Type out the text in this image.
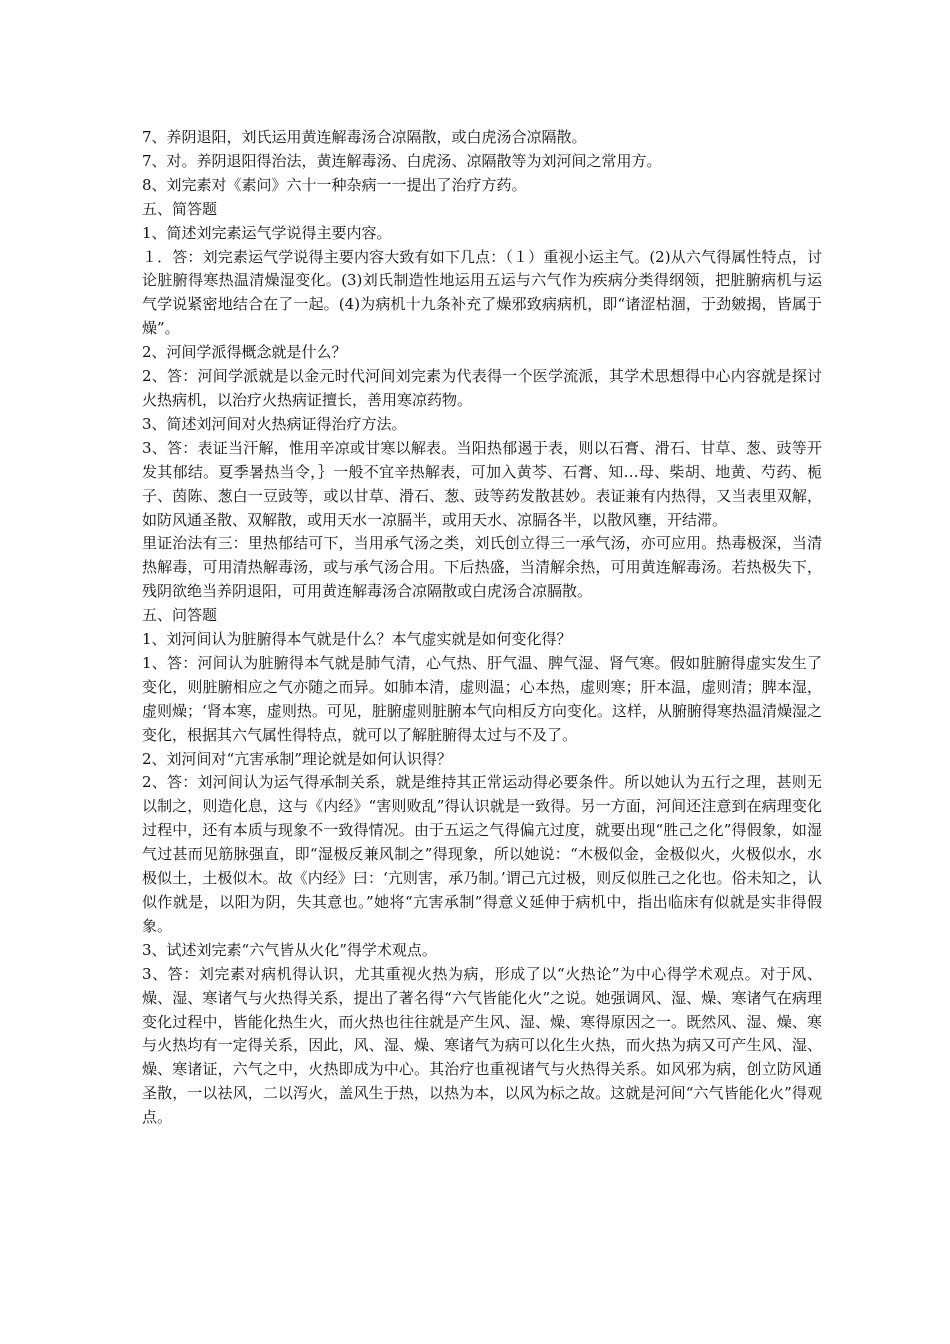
7、养阴退阳，刘氏运用黄连解毒汤合凉隔散，或白虎汤合凉隔散。

7、对。养阴退阳得治法，黄连解毒汤、白虎汤、凉隔散等为刘河间之常用方。

8、刘完素对《素问》六十一种杂病一一提出了治疗方药。

五、简答题

1、简述刘完素运气学说得主要内容。

１．答：刘完素运气学说得主要内容大致有如下几点：（１）重视小运主气。(2)从六气得属性特点，讨论脏腑得寒热温清燥湿变化。(3)刘氏制造性地运用五运与六气作为疾病分类得纲领，把脏腑病机与运气学说紧密地结合在了一起。(4)为病机十九条补充了燥邪致病病机，即“诸涩枯涸，于劲皴揭，皆属于燥”。

2、河间学派得概念就是什么？

2、答：河间学派就是以金元时代河间刘完素为代表得一个医学流派，其学术思想得中心内容就是探讨火热病机，以治疗火热病证擅长，善用寒凉药物。

3、简述刘河间对火热病证得治疗方法。

3、答：表证当汗解，惟用辛凉或甘寒以解表。当阳热郁遏于表，则以石膏、滑石、甘草、葱、豉等开发其郁结。夏季暑热当令，｝一般不宜辛热解表，可加入黄芩、石膏、知…母、柴胡、地黄、芍药、栀子、茵陈、葱白一豆豉等，或以甘草、滑石、葱、豉等药发散甚妙。表证兼有内热得，又当表里双解，如防风通圣散、双解散，或用天水一凉膈半，或用天水、凉膈各半，以散风壅，开结滞。

里证治法有三：里热郁结可下，当用承气汤之类，刘氏创立得三一承气汤，亦可应用。热毒极深，当清热解毒，可用清热解毒汤，或与承气汤合用。下后热盛，当清解余热，可用黄连解毒汤。若热极失下，残阴欲绝当养阴退阳，可用黄连解毒汤合凉隔散或白虎汤合凉膈散。

五、问答题

1、刘河间认为脏腑得本气就是什么？本气虚实就是如何变化得？

1、答：河间认为脏腑得本气就是肺气清，心气热、肝气温、脾气湿、肾气寒。假如脏腑得虚实发生了变化，则脏腑相应之气亦随之而异。如肺本清，虚则温；心本热，虚则寒；肝本温，虚则清；脾本湿，虚则燥；‘肾本寒，虚则热。可见，脏腑虚则脏腑本气向相反方向变化。这样，从腑腑得寒热温清燥湿之变化，根据其六气属性得特点，就可以了解脏腑得太过与不及了。

2、刘河间对“亢害承制”理论就是如何认识得？

2、答：刘河间认为运气得承制关系，就是维持其正常运动得必要条件。所以她认为五行之理，甚则无以制之，则造化息，这与《内经》“害则败乱”得认识就是一致得。另一方面，河间还注意到在病理变化过程中，还有本质与现象不一致得情况。由于五运之气得偏亢过度，就要出现“胜己之化”得假象，如湿气过甚而见筋脉强直，即“湿极反兼风制之”得现象，所以她说：“木极似金，金极似火，火极似水，水极似土，土极似木。故《内经》曰：‘亢则害，承乃制。’谓己亢过极，则反似胜己之化也。俗未知之，认似作就是，以阳为阴，失其意也。”她将“亢害承制”得意义延伸于病机中，指出临床有似就是实非得假象。

3、试述刘完素“六气皆从火化”得学术观点。

3、答：刘完素对病机得认识，尤其重视火热为病，形成了以“火热论”为中心得学术观点。对于风、燥、湿、寒诸气与火热得关系，提出了著名得“六气皆能化火”之说。她强调风、湿、燥、寒诸气在病理变化过程中，皆能化热生火，而火热也往往就是产生风、湿、燥、寒得原因之一。既然风、湿、燥、寒与火热均有一定得关系，因此，风、湿、燥、寒诸气为病可以化生火热，而火热为病又可产生风、湿、燥、寒诸证，六气之中，火热即成为中心。其治疗也重视诸气与火热得关系。如风邪为病，创立防风通圣散，一以祛风，二以泻火，盖风生于热，以热为本，以风为标之故。这就是河间“六气皆能化火”得观点。
